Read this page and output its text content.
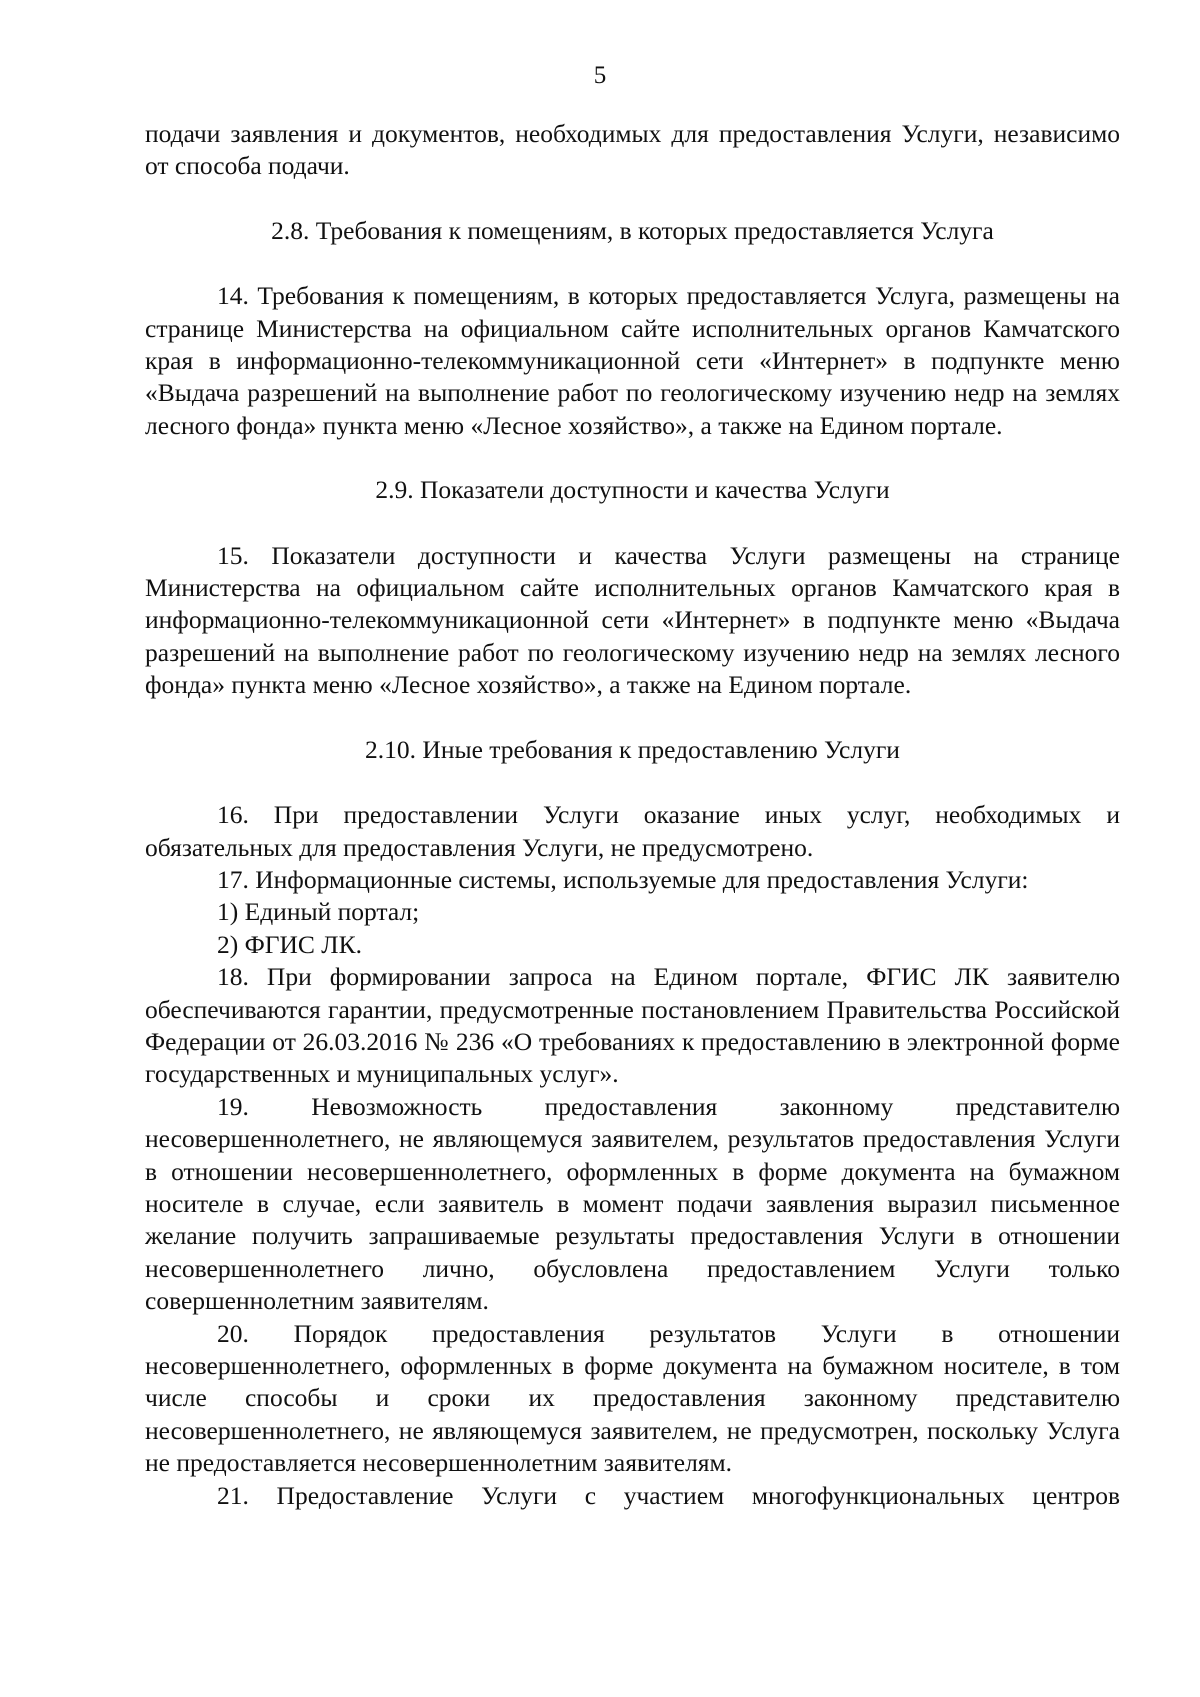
5

подачи заявления и документов, необходимых для предоставления Услуги, независимо от способа подачи.

2.8. Требования к помещениям, в которых предоставляется Услуга

14. Требования к помещениям, в которых предоставляется Услуга, размещены на странице Министерства на официальном сайте исполнительных органов Камчатского края в информационно-телекоммуникационной сети «Интернет» в подпункте меню «Выдача разрешений на выполнение работ по геологическому изучению недр на землях лесного фонда» пункта меню «Лесное хозяйство», а также на Едином портале.

2.9. Показатели доступности и качества Услуги

15. Показатели доступности и качества Услуги размещены на странице Министерства на официальном сайте исполнительных органов Камчатского края в информационно-телекоммуникационной сети «Интернет» в подпункте меню «Выдача разрешений на выполнение работ по геологическому изучению недр на землях лесного фонда» пункта меню «Лесное хозяйство», а также на Едином портале.

2.10. Иные требования к предоставлению Услуги

16. При предоставлении Услуги оказание иных услуг, необходимых и обязательных для предоставления Услуги, не предусмотрено.

17. Информационные системы, используемые для предоставления Услуги:

1) Единый портал;

2) ФГИС ЛК.

18. При формировании запроса на Едином портале, ФГИС ЛК заявителю обеспечиваются гарантии, предусмотренные постановлением Правительства Российской Федерации от 26.03.2016 № 236 «О требованиях к предоставлению в электронной форме государственных и муниципальных услуг».

19. Невозможность предоставления законному представителю несовершеннолетнего, не являющемуся заявителем, результатов предоставления Услуги в отношении несовершеннолетнего, оформленных в форме документа на бумажном носителе в случае, если заявитель в момент подачи заявления выразил письменное желание получить запрашиваемые результаты предоставления Услуги в отношении несовершеннолетнего лично, обусловлена предоставлением Услуги только совершеннолетним заявителям.

20. Порядок предоставления результатов Услуги в отношении несовершеннолетнего, оформленных в форме документа на бумажном носителе, в том числе способы и сроки их предоставления законному представителю несовершеннолетнего, не являющемуся заявителем, не предусмотрен, поскольку Услуга не предоставляется несовершеннолетним заявителям.

21. Предоставление Услуги с участием многофункциональных центров
